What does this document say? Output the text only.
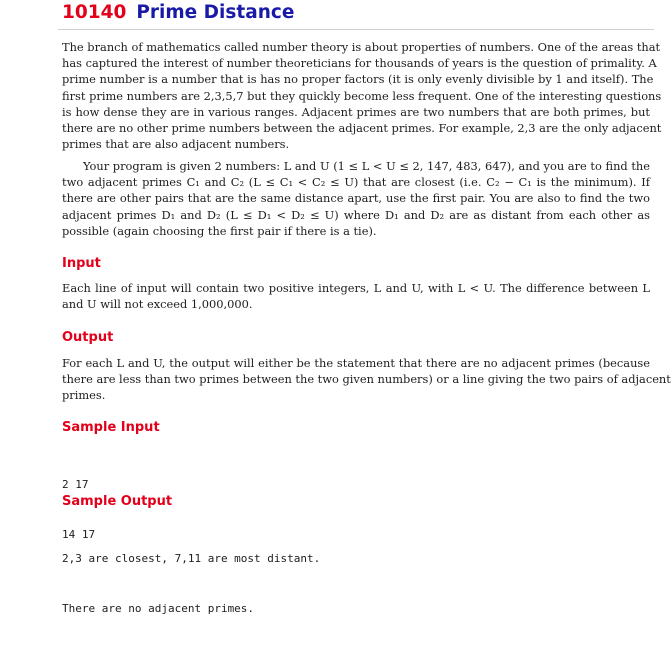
10140 Prime Distance
The branch of mathematics called number theory is about properties of numbers. One of the areas that
has captured the interest of number theoreticians for thousands of years is the question of primality. A
prime number is a number that is has no proper factors (it is only evenly divisible by 1 and itself). The
first prime numbers are 2,3,5,7 but they quickly become less frequent. One of the interesting questions
is how dense they are in various ranges. Adjacent primes are two numbers that are both primes, but
there are no other prime numbers between the adjacent primes. For example, 2,3 are the only adjacent
primes that are also adjacent numbers.
Your program is given 2 numbers: L and U (1 ≤ L < U ≤ 2, 147, 483, 647), and you are to find the
two adjacent primes C₁ and C₂ (L ≤ C₁ < C₂ ≤ U) that are closest (i.e. C₂ − C₁ is the minimum). If
there are other pairs that are the same distance apart, use the first pair. You are also to find the two
adjacent primes D₁ and D₂ (L ≤ D₁ < D₂ ≤ U) where D₁ and D₂ are as distant from each other as
possible (again choosing the first pair if there is a tie).
Input
Each line of input will contain two positive integers, L and U, with L < U. The difference between L
and U will not exceed 1,000,000.
Output
For each L and U, the output will either be the statement that there are no adjacent primes (because
there are less than two primes between the two given numbers) or a line giving the two pairs of adjacent
primes.
Sample Input

2 17

14 17

Sample Output

2,3 are closest, 7,11 are most distant.

There are no adjacent primes.
